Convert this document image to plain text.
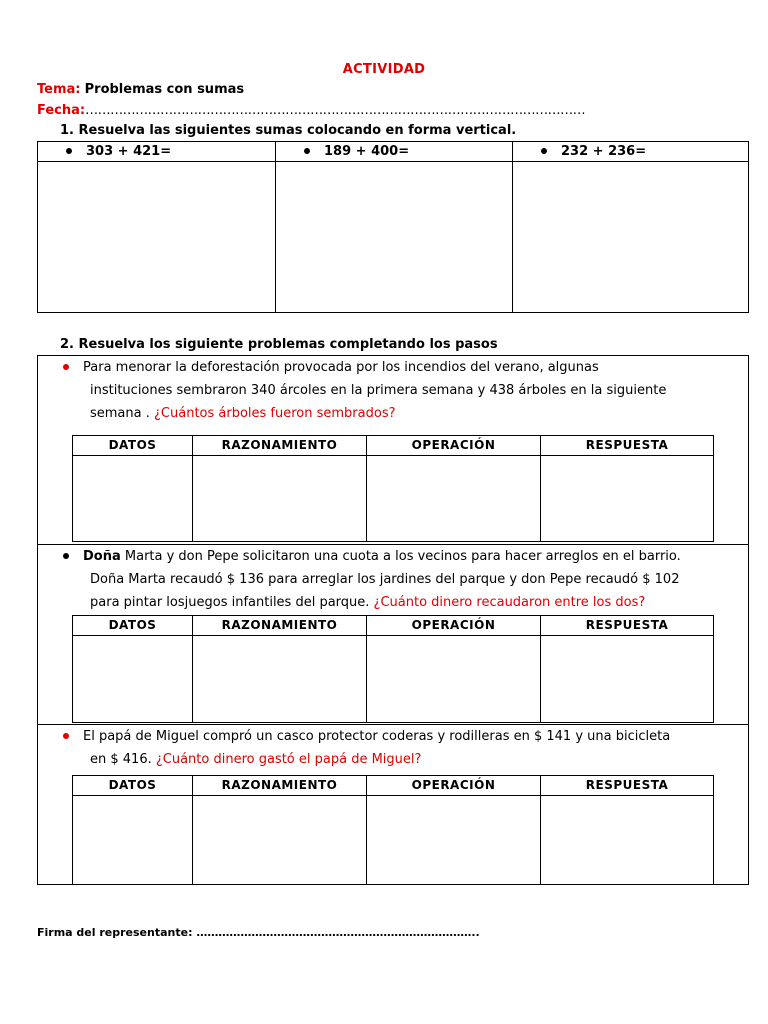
ACTIVIDAD
Tema: Problemas con sumas
Fecha:…………………………………………………………………………………………………………
1. Resuelva las siguientes sumas colocando en forma vertical.
303 + 421=	189 + 400=	232 + 236=
2. Resuelva los siguiente problemas completando los pasos
Para menorar la deforestación provocada por los incendios del verano, algunas
instituciones sembraron 340 árcoles en la primera semana y 438 árboles en la siguiente
semana . ¿Cuántos árboles fueron sembrados?
DATOS	RAZONAMIENTO	OPERACIÓN	RESPUESTA
Doña Marta y don Pepe solicitaron una cuota a los vecinos para hacer arreglos en el barrio.
Doña Marta recaudó $ 136 para arreglar los jardines del parque y don Pepe recaudó $ 102
para pintar losjuegos infantiles del parque. ¿Cuánto dinero recaudaron entre los dos?
DATOS	RAZONAMIENTO	OPERACIÓN	RESPUESTA
El papá de Miguel compró un casco protector coderas y rodilleras en $ 141 y una bicicleta
en $ 416. ¿Cuánto dinero gastó el papá de Miguel?
DATOS	RAZONAMIENTO	OPERACIÓN	RESPUESTA
Firma del representante: …………………………………………………………………..
